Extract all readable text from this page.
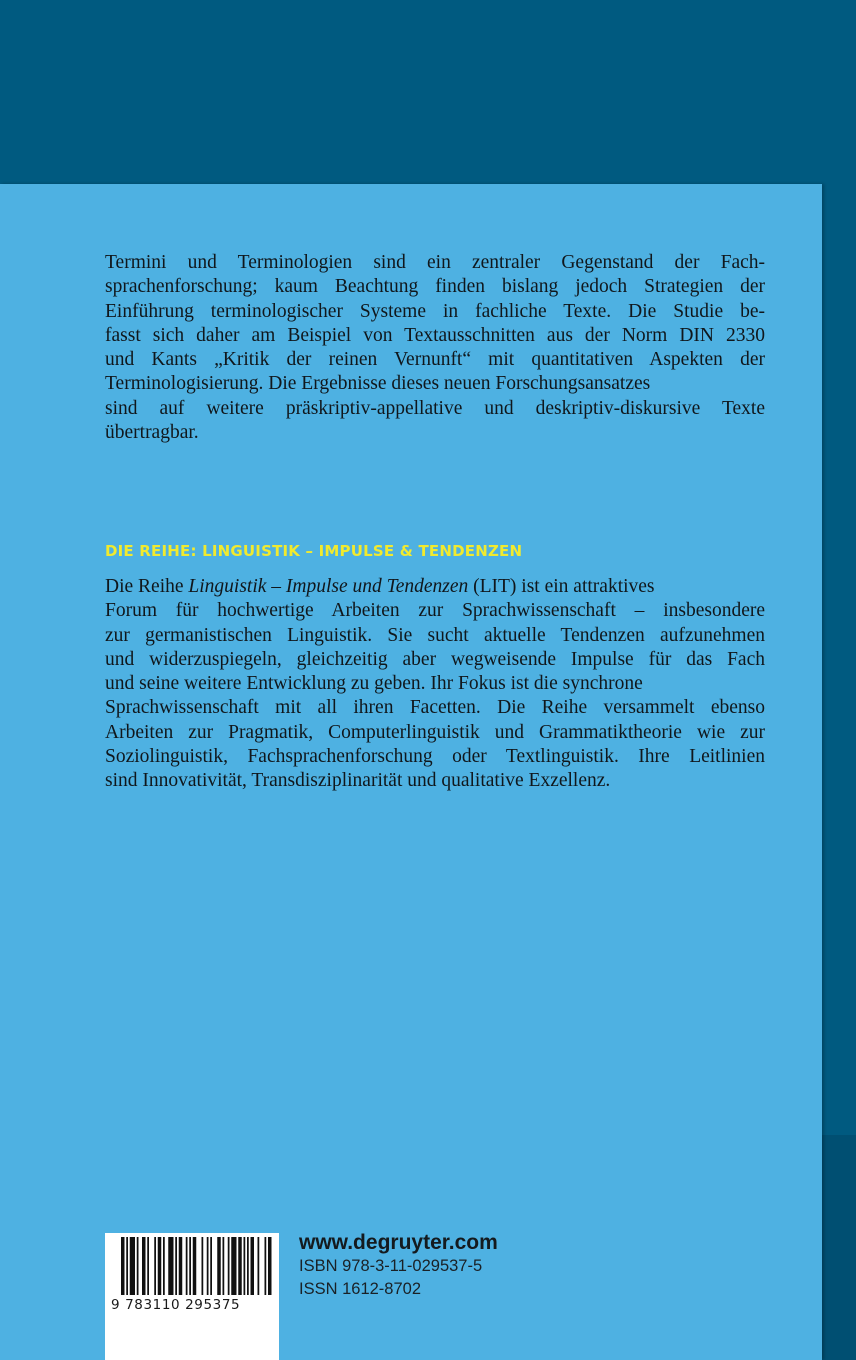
Termini und Terminologien sind ein zentraler Gegenstand der Fach-
sprachenforschung; kaum Beachtung finden bislang jedoch Strategien der
Einführung terminologischer Systeme in fachliche Texte. Die Studie be-
fasst sich daher am Beispiel von Textausschnitten aus der Norm DIN 2330
und Kants „Kritik der reinen Vernunft“ mit quantitativen Aspekten der
Terminologisierung. Die Ergebnisse dieses neuen Forschungsansatzes
sind auf weitere präskriptiv-appellative und deskriptiv-diskursive Texte
übertragbar.
DIE REIHE: LINGUISTIK – IMPULSE & TENDENZEN
Die Reihe Linguistik – Impulse und Tendenzen (LIT) ist ein attraktives
Forum für hochwertige Arbeiten zur Sprachwissenschaft – insbesondere
zur germanistischen Linguistik. Sie sucht aktuelle Tendenzen aufzunehmen
und widerzuspiegeln, gleichzeitig aber wegweisende Impulse für das Fach
und seine weitere Entwicklung zu geben. Ihr Fokus ist die synchrone
Sprachwissenschaft mit all ihren Facetten. Die Reihe versammelt ebenso
Arbeiten zur Pragmatik, Computerlinguistik und Grammatiktheorie wie zur
Soziolinguistik, Fachsprachenforschung oder Textlinguistik. Ihre Leitlinien
sind Innovativität, Transdisziplinarität und qualitative Exzellenz.
9 783110 295375
www.degruyter.com
ISBN 978-3-11-029537-5
ISSN 1612-8702
